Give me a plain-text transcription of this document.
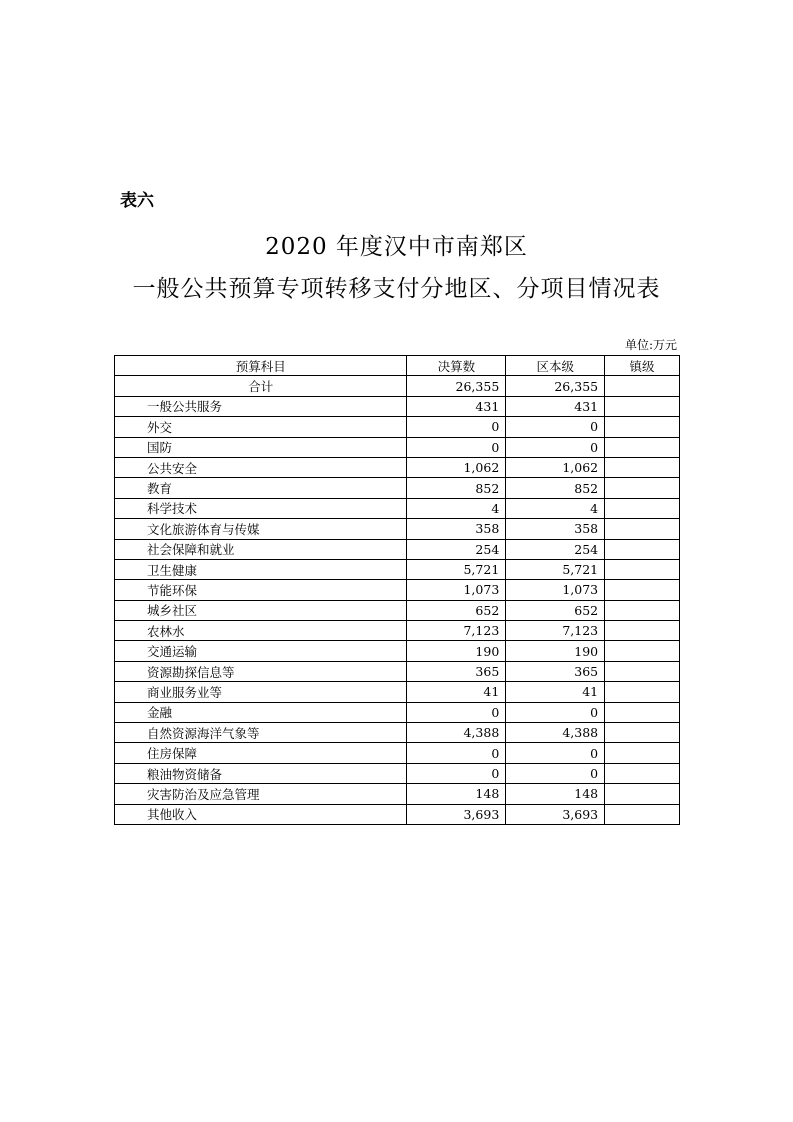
表六
2020 年度汉中市南郑区
一般公共预算专项转移支付分地区、分项目情况表
单位:万元
预算科目	决算数	区本级	镇级
合计	26,355	26,355	
一般公共服务	431	431	
外交	0	0	
国防	0	0	
公共安全	1,062	1,062	
教育	852	852	
科学技术	4	4	
文化旅游体育与传媒	358	358	
社会保障和就业	254	254	
卫生健康	5,721	5,721	
节能环保	1,073	1,073	
城乡社区	652	652	
农林水	7,123	7,123	
交通运输	190	190	
资源勘探信息等	365	365	
商业服务业等	41	41	
金融	0	0	
自然资源海洋气象等	4,388	4,388	
住房保障	0	0	
粮油物资储备	0	0	
灾害防治及应急管理	148	148	
其他收入	3,693	3,693	
